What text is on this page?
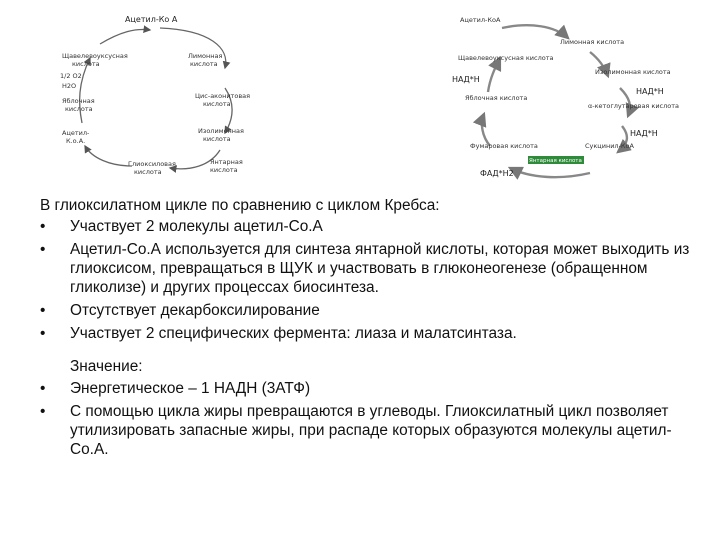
Ацетил-Ко А
Щавелевоуксусная
кислота
Лимонная
кислота
Цис-аконитовая
кислота
Изолимонная
кислота
Янтарная
кислота
Глиоксиловая
кислота
Яблочная
кислота
Ацетил-
К.о.А.
1/2 O2
H2O
Ацетил-КоА
Лимонная кислота
Щавелевоуксусная кислота
НАД*Н
Изолимонная кислота
НАД*Н
Яблочная кислота
α-кетоглутаровая кислота
НАД*Н
Фумаровая кислота
Янтарная кислота
Сукцинил-КоА
ФАД*Н2
В глиоксилатном цикле по сравнению с циклом Кребса:
• Участвует 2 молекулы ацетил-Со.А
• Ацетил-Со.А используется для синтеза янтарной кислоты, которая может выходить из глиоксисом, превращаться в ЩУК и участвовать в глюконеогенезе (обращенном гликолизе) и других процессах биосинтеза.
• Отсутствует декарбоксилирование
• Участвует 2 специфических фермента: лиаза и малатсинтаза.
Значение:
• Энергетическое – 1 НАДН (3АТФ)
• С помощью цикла жиры превращаются в углеводы. Глиоксилатный цикл позволяет утилизировать запасные жиры, при распаде которых образуются молекулы ацетил-Со.А.
